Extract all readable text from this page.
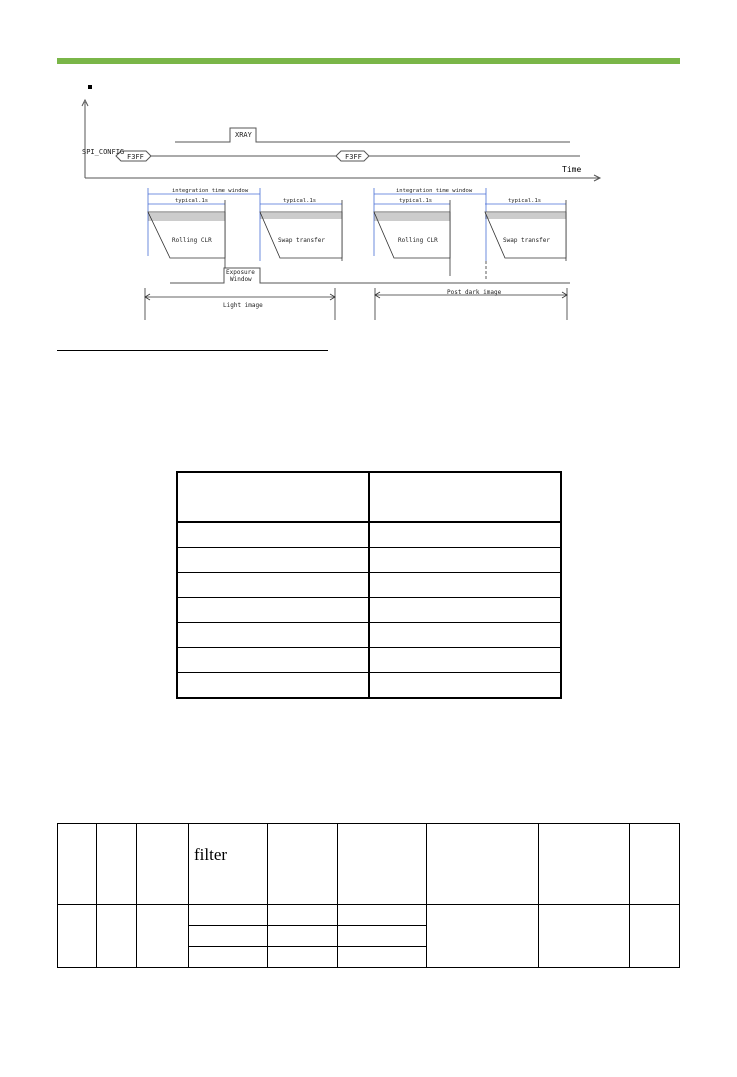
SPI_CONFIG
F3FF	F3FF
XRAY
Time
integration time window	integration time window
typical.1s	typical.1s	typical.1s	typical.1s
Rolling CLR	Swap transfer	Rolling CLR	Swap transfer
Exposure
Window
Light image
Post dark image

			filter					
